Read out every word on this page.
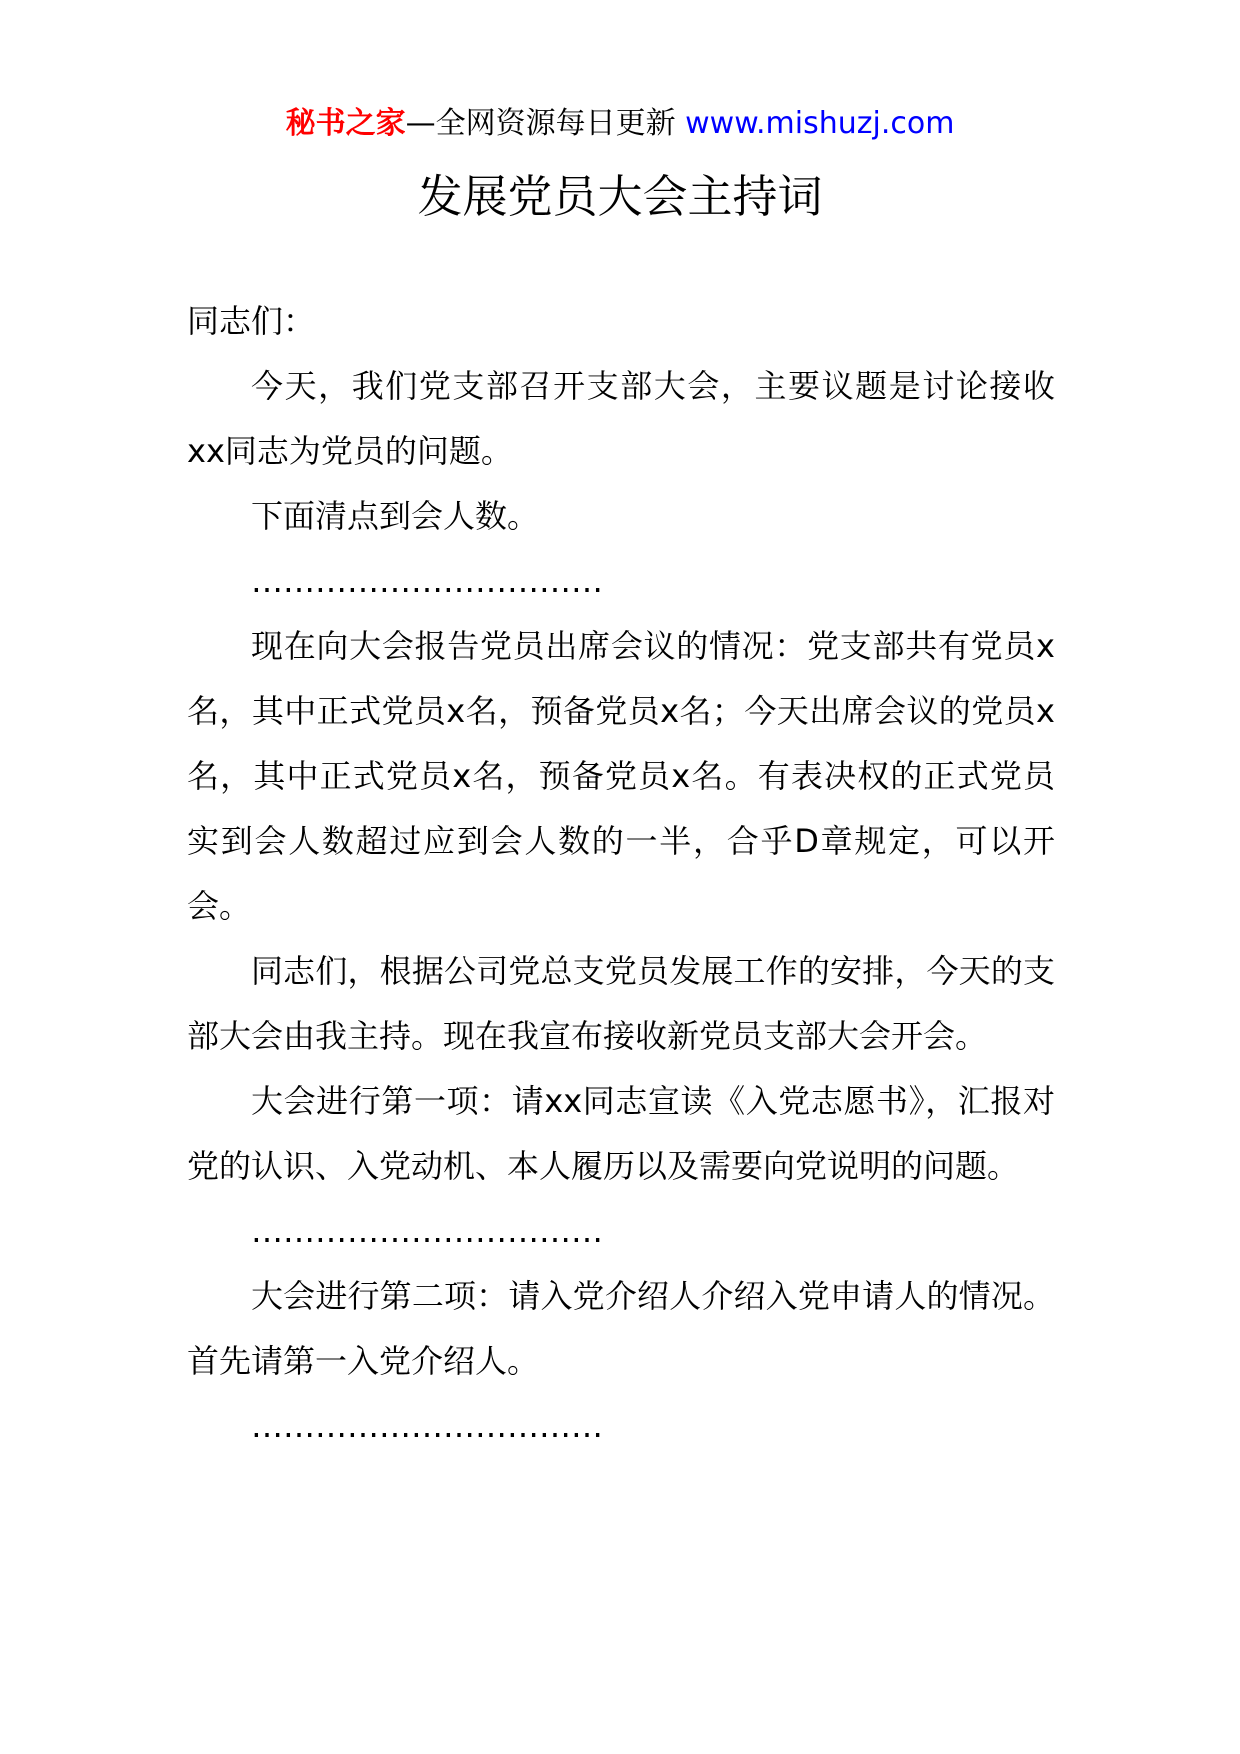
秘书之家—全网资源每日更新 www.mishuzj.com
发展党员大会主持词

同志们：

今天，我们党支部召开支部大会，主要议题是讨论接收xx同志为党员的问题。

下面清点到会人数。

……………………………

现在向大会报告党员出席会议的情况：党支部共有党员x名，其中正式党员x名，预备党员x名；今天出席会议的党员x名，其中正式党员x名，预备党员x名。有表决权的正式党员实到会人数超过应到会人数的一半，合乎D章规定，可以开会。

同志们，根据公司党总支党员发展工作的安排，今天的支部大会由我主持。现在我宣布接收新党员支部大会开会。

大会进行第一项：请xx同志宣读《入党志愿书》，汇报对党的认识、入党动机、本人履历以及需要向党说明的问题。

……………………………

大会进行第二项：请入党介绍人介绍入党申请人的情况。首先请第一入党介绍人。

……………………………
